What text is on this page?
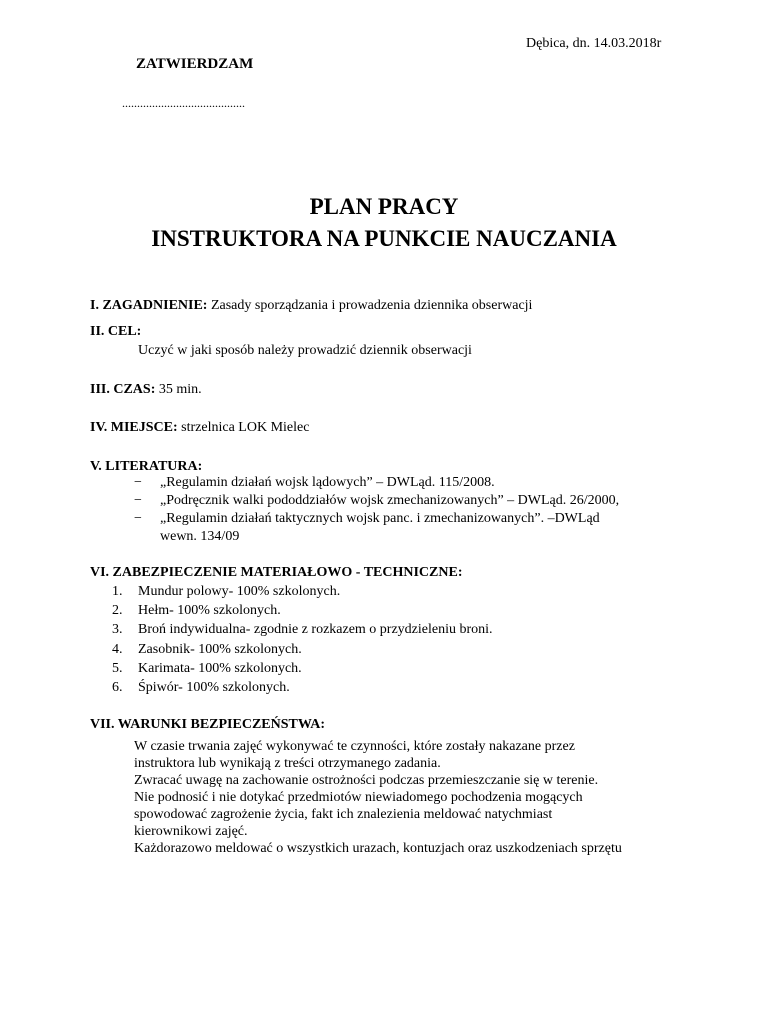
Dębica, dn. 14.03.2018r
ZATWIERDZAM
.........................................
PLAN PRACY
INSTRUKTORA NA PUNKCIE NAUCZANIA
I. ZAGADNIENIE: Zasady sporządzania i prowadzenia dziennika obserwacji
II. CEL:
Uczyć w jaki sposób należy prowadzić dziennik obserwacji
III. CZAS: 35 min.
IV. MIEJSCE: strzelnica LOK Mielec
V. LITERATURA:
− „Regulamin działań wojsk lądowych” – DWLąd. 115/2008.
− „Podręcznik walki pododdziałów wojsk zmechanizowanych” – DWLąd. 26/2000,
− „Regulamin działań taktycznych wojsk panc. i zmechanizowanych”. –DWLąd
wewn. 134/09
VI. ZABEZPIECZENIE MATERIAŁOWO - TECHNICZNE:
1. Mundur polowy- 100% szkolonych.
2. Hełm- 100% szkolonych.
3. Broń indywidualna- zgodnie z rozkazem o przydzieleniu broni.
4. Zasobnik- 100% szkolonych.
5. Karimata- 100% szkolonych.
6. Śpiwór- 100% szkolonych.
VII. WARUNKI BEZPIECZEŃSTWA:

W czasie trwania zajęć wykonywać te czynności, które zostały nakazane przez

instruktora lub wynikają z treści otrzymanego zadania.

Zwracać uwagę na zachowanie ostrożności podczas przemieszczanie się w terenie.

Nie podnosić i nie dotykać przedmiotów niewiadomego pochodzenia mogących

spowodować zagrożenie życia, fakt ich znalezienia meldować natychmiast

kierownikowi zajęć.

Każdorazowo meldować o wszystkich urazach, kontuzjach oraz uszkodzeniach sprzętu
